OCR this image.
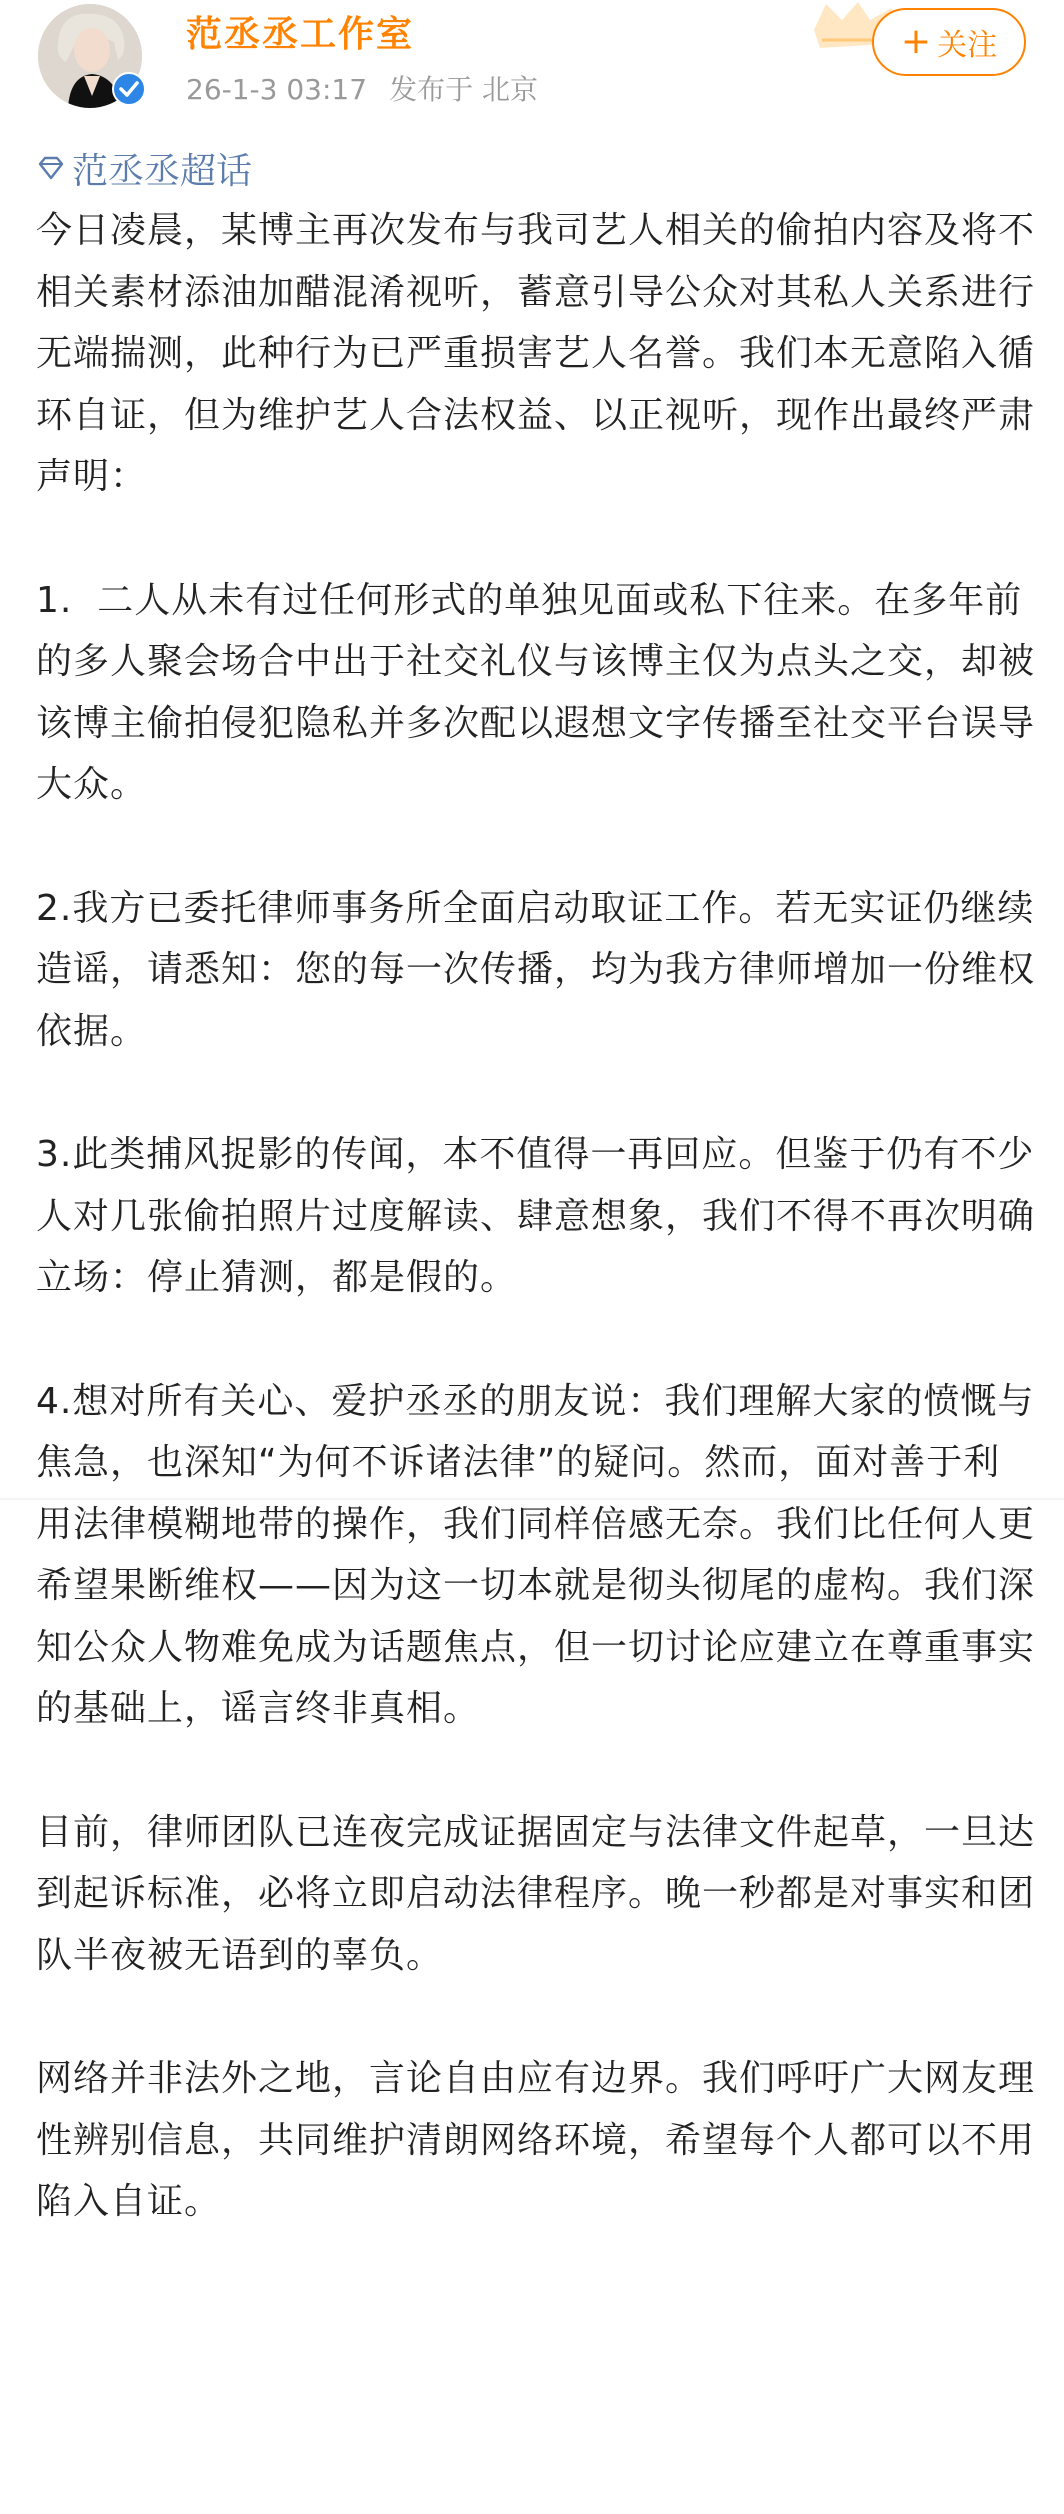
范丞丞工作室
26-1-3 03:17 发布于 北京
+ 关注
范丞丞超话

今日凌晨，某博主再次发布与我司艺人相关的偷拍内容及将不相关素材添油加醋混淆视听，蓄意引导公众对其私人关系进行无端揣测，此种行为已严重损害艺人名誉。我们本无意陷入循环自证，但为维护艺人合法权益、以正视听，现作出最终严肃声明：

1.  二人从未有过任何形式的单独见面或私下往来。在多年前的多人聚会场合中出于社交礼仪与该博主仅为点头之交，却被该博主偷拍侵犯隐私并多次配以遐想文字传播至社交平台误导大众。

2.我方已委托律师事务所全面启动取证工作。若无实证仍继续造谣，请悉知：您的每一次传播，均为我方律师增加一份维权依据。

3.此类捕风捉影的传闻，本不值得一再回应。但鉴于仍有不少人对几张偷拍照片过度解读、肆意想象，我们不得不再次明确立场：停止猜测，都是假的。

4.想对所有关心、爱护丞丞的朋友说：我们理解大家的愤慨与焦急，也深知“为何不诉诸法律”的疑问。然而，面对善于利用法律模糊地带的操作，我们同样倍感无奈。我们比任何人更希望果断维权——因为这一切本就是彻头彻尾的虚构。我们深知公众人物难免成为话题焦点，但一切讨论应建立在尊重事实的基础上，谣言终非真相。

目前，律师团队已连夜完成证据固定与法律文件起草，一旦达到起诉标准，必将立即启动法律程序。晚一秒都是对事实和团队半夜被无语到的辜负。

网络并非法外之地，言论自由应有边界。我们呼吁广大网友理性辨别信息，共同维护清朗网络环境，希望每个人都可以不用陷入自证。
